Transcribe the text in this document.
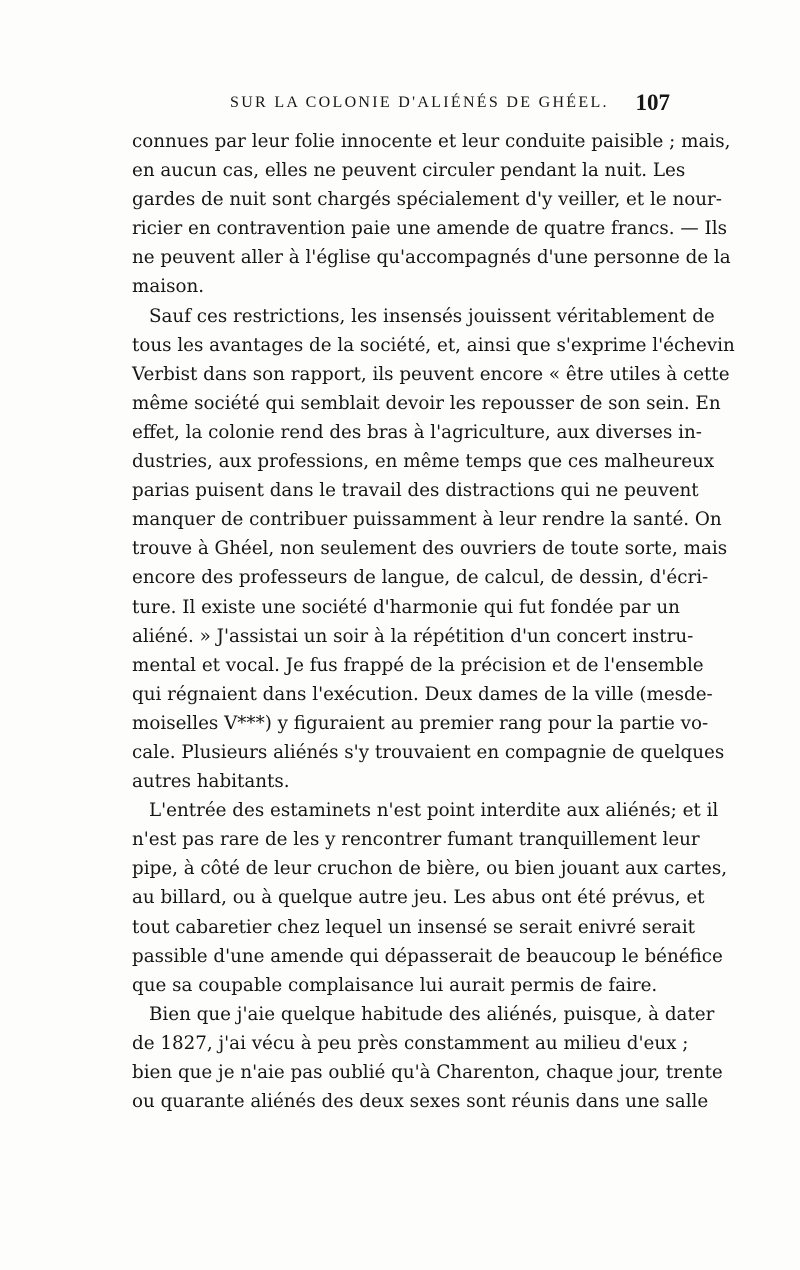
SUR LA COLONIE D'ALIÉNÉS DE GHÉEL. 107
connues par leur folie innocente et leur conduite paisible ; mais,
en aucun cas, elles ne peuvent circuler pendant la nuit. Les
gardes de nuit sont chargés spécialement d'y veiller, et le nour-
ricier en contravention paie une amende de quatre francs. — Ils
ne peuvent aller à l'église qu'accompagnés d'une personne de la
maison.
Sauf ces restrictions, les insensés jouissent véritablement de
tous les avantages de la société, et, ainsi que s'exprime l'échevin
Verbist dans son rapport, ils peuvent encore « être utiles à cette
même société qui semblait devoir les repousser de son sein. En
effet, la colonie rend des bras à l'agriculture, aux diverses in-
dustries, aux professions, en même temps que ces malheureux
parias puisent dans le travail des distractions qui ne peuvent
manquer de contribuer puissamment à leur rendre la santé. On
trouve à Ghéel, non seulement des ouvriers de toute sorte, mais
encore des professeurs de langue, de calcul, de dessin, d'écri-
ture. Il existe une société d'harmonie qui fut fondée par un
aliéné. » J'assistai un soir à la répétition d'un concert instru-
mental et vocal. Je fus frappé de la précision et de l'ensemble
qui régnaient dans l'exécution. Deux dames de la ville (mesde-
moiselles V***) y figuraient au premier rang pour la partie vo-
cale. Plusieurs aliénés s'y trouvaient en compagnie de quelques
autres habitants.
L'entrée des estaminets n'est point interdite aux aliénés; et il
n'est pas rare de les y rencontrer fumant tranquillement leur
pipe, à côté de leur cruchon de bière, ou bien jouant aux cartes,
au billard, ou à quelque autre jeu. Les abus ont été prévus, et
tout cabaretier chez lequel un insensé se serait enivré serait
passible d'une amende qui dépasserait de beaucoup le bénéfice
que sa coupable complaisance lui aurait permis de faire.
Bien que j'aie quelque habitude des aliénés, puisque, à dater
de 1827, j'ai vécu à peu près constamment au milieu d'eux ;
bien que je n'aie pas oublié qu'à Charenton, chaque jour, trente
ou quarante aliénés des deux sexes sont réunis dans une salle
